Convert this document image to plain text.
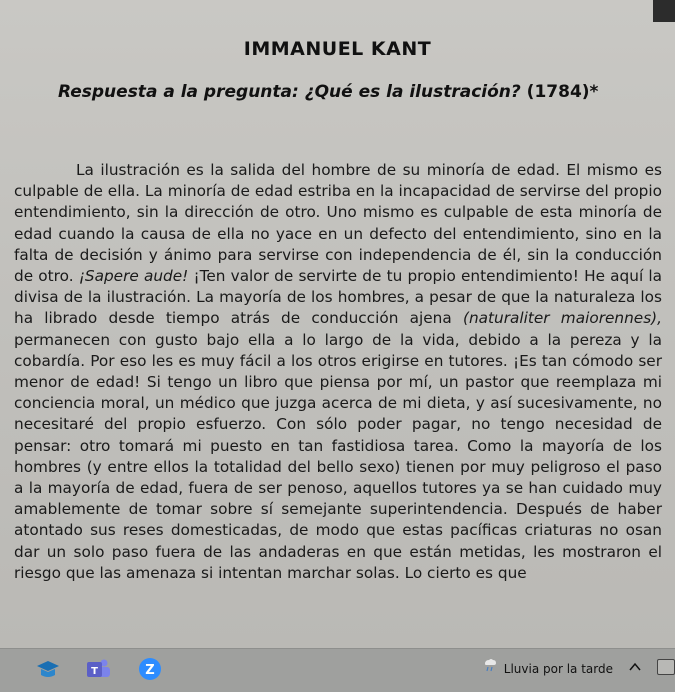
IMMANUEL KANT
Respuesta a la pregunta: ¿Qué es la ilustración? (1784)*

La ilustración es la salida del hombre de su minoría de edad. El mismo es culpable de ella. La minoría de edad estriba en la incapacidad de servirse del propio entendimiento, sin la dirección de otro. Uno mismo es culpable de esta minoría de edad cuando la causa de ella no yace en un defecto del entendimiento, sino en la falta de decisión y ánimo para servirse con independencia de él, sin la conducción de otro. ¡Sapere aude! ¡Ten valor de servirte de tu propio entendimiento! He aquí la divisa de la ilustración. La mayoría de los hombres, a pesar de que la naturaleza los ha librado desde tiempo atrás de conducción ajena (naturaliter maiorennes), permanecen con gusto bajo ella a lo largo de la vida, debido a la pereza y la cobardía. Por eso les es muy fácil a los otros erigirse en tutores. ¡Es tan cómodo ser menor de edad! Si tengo un libro que piensa por mí, un pastor que reemplaza mi conciencia moral, un médico que juzga acerca de mi dieta, y así sucesivamente, no necesitaré del propio esfuerzo. Con sólo poder pagar, no tengo necesidad de pensar: otro tomará mi puesto en tan fastidiosa tarea. Como la mayoría de los hombres (y entre ellos la totalidad del bello sexo) tienen por muy peligroso el paso a la mayoría de edad, fuera de ser penoso, aquellos tutores ya se han cuidado muy amablemente de tomar sobre sí semejante superintendencia. Después de haber atontado sus reses domesticadas, de modo que estas pacíficas criaturas no osan dar un solo paso fuera de las andaderas en que están metidas, les mostraron el riesgo que las amenaza si intentan marchar solas. Lo cierto es que

T	Z	Lluvia por la tarde
